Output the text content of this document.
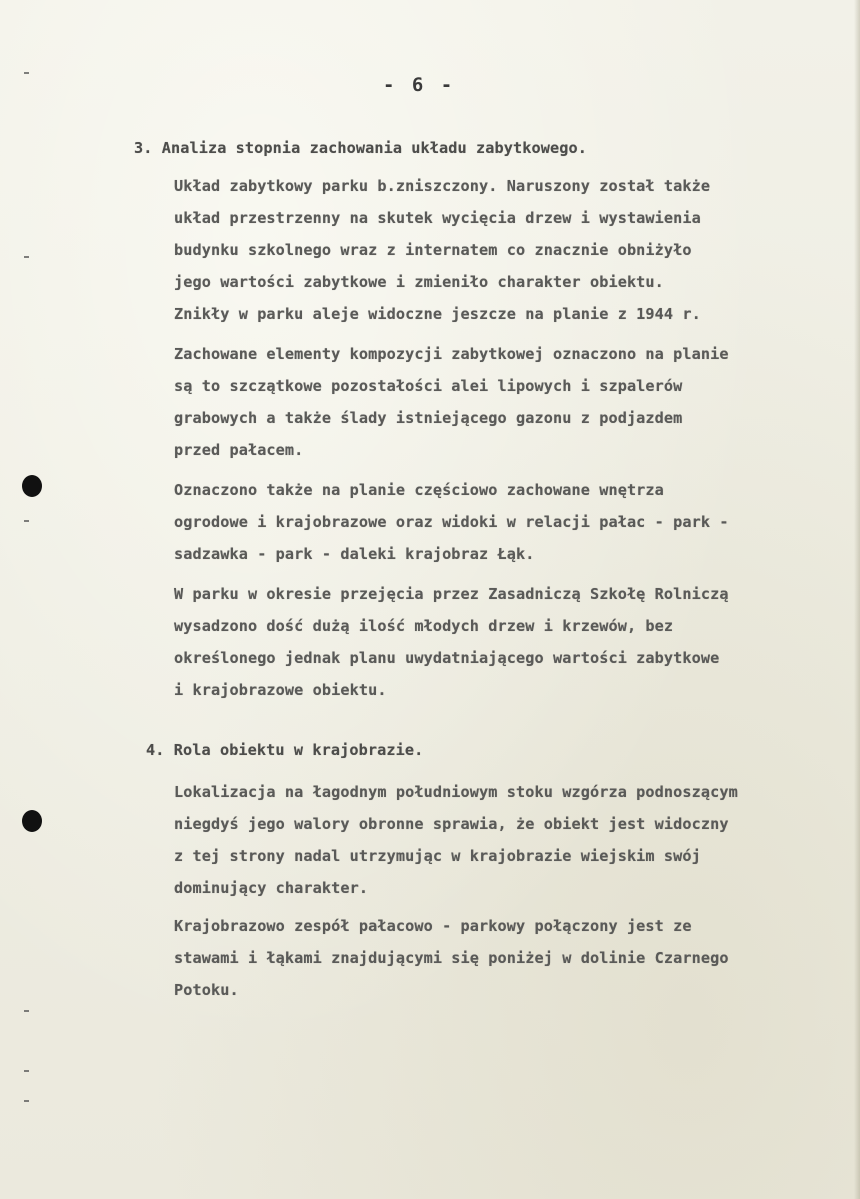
- 6 -
3. Analiza stopnia zachowania układu zabytkowego.
Układ zabytkowy parku b.zniszczony. Naruszony został także
układ przestrzenny na skutek wycięcia drzew i wystawienia
budynku szkolnego wraz z internatem co znacznie obniżyło
jego wartości zabytkowe i zmieniło charakter obiektu.
Znikły w parku aleje widoczne jeszcze na planie z 1944 r.
Zachowane elementy kompozycji zabytkowej oznaczono na planie
są to szczątkowe pozostałości alei lipowych i szpalerów
grabowych a także ślady istniejącego gazonu z podjazdem
przed pałacem.
Oznaczono także na planie częściowo zachowane wnętrza
ogrodowe i krajobrazowe oraz widoki w relacji pałac - park -
sadzawka - park - daleki krajobraz Łąk.
W parku w okresie przejęcia przez Zasadniczą Szkołę Rolniczą
wysadzono dość dużą ilość młodych drzew i krzewów, bez
określonego jednak planu uwydatniającego wartości zabytkowe
i krajobrazowe obiektu.
4. Rola obiektu w krajobrazie.
Lokalizacja na łagodnym południowym stoku wzgórza podnoszącym
niegdyś jego walory obronne sprawia, że obiekt jest widoczny
z tej strony nadal utrzymując w krajobrazie wiejskim swój
dominujący charakter.
Krajobrazowo zespół pałacowo - parkowy połączony jest ze
stawami i łąkami znajdującymi się poniżej w dolinie Czarnego
Potoku.
